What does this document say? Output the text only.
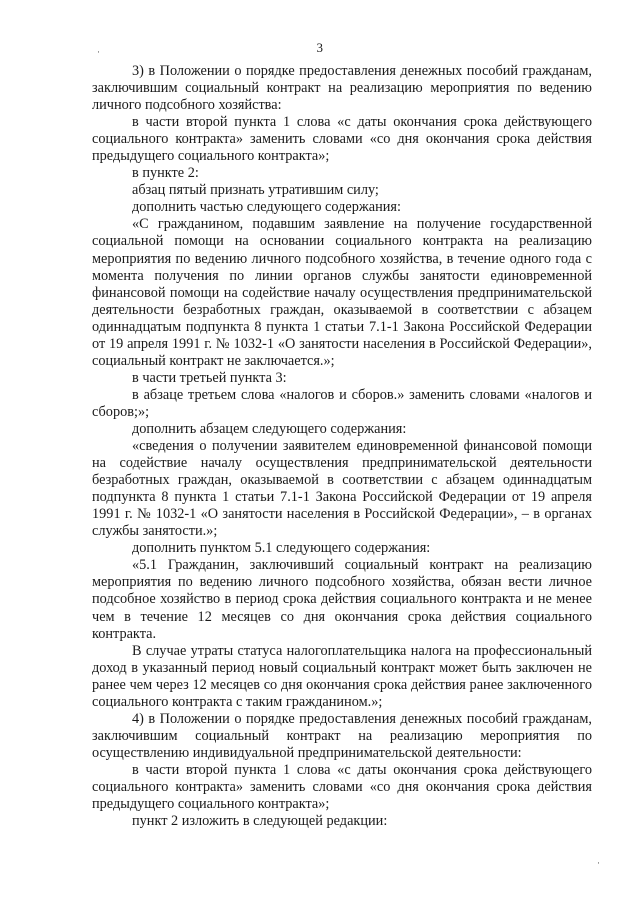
3
·
·

3) в Положении о порядке предоставления денежных пособий гражданам, заключившим социальный контракт на реализацию мероприятия по ведению личного подсобного хозяйства:

в части второй пункта 1 слова «с даты окончания срока действующего социального контракта» заменить словами «со дня окончания срока действия предыдущего социального контракта»;

в пункте 2:

абзац пятый признать утратившим силу;

дополнить частью следующего содержания:

«С гражданином, подавшим заявление на получение государственной социальной помощи на основании социального контракта на реализацию мероприятия по ведению личного подсобного хозяйства, в течение одного года с момента получения по линии органов службы занятости единовременной финансовой помощи на содействие началу осуществления предпринимательской деятельности безработных граждан, оказываемой в соответствии с абзацем одиннадцатым подпункта 8 пункта 1 статьи 7.1-1 Закона Российской Федерации от 19 апреля 1991 г. № 1032-1 «О занятости населения в Российской Федерации», социальный контракт не заключается.»;

в части третьей пункта 3:

в абзаце третьем слова «налогов и сборов.» заменить словами «налогов и сборов;»;

дополнить абзацем следующего содержания:

«сведения о получении заявителем единовременной финансовой помощи на содействие началу осуществления предпринимательской деятельности безработных граждан, оказываемой в соответствии с абзацем одиннадцатым подпункта 8 пункта 1 статьи 7.1-1 Закона Российской Федерации от 19 апреля 1991 г. № 1032-1 «О занятости населения в Российской Федерации», – в органах службы занятости.»;

дополнить пунктом 5.1 следующего содержания:

«5.1 Гражданин, заключивший социальный контракт на реализацию мероприятия по ведению личного подсобного хозяйства, обязан вести личное подсобное хозяйство в период срока действия социального контракта и не менее чем в течение 12 месяцев со дня окончания срока действия социального контракта.

В случае утраты статуса налогоплательщика налога на профессиональный доход в указанный период новый социальный контракт может быть заключен не ранее чем через 12 месяцев со дня окончания срока действия ранее заключенного социального контракта с таким гражданином.»;

4) в Положении о порядке предоставления денежных пособий гражданам, заключившим социальный контракт на реализацию мероприятия по осуществлению индивидуальной предпринимательской деятельности:

в части второй пункта 1 слова «с даты окончания срока действующего социального контракта» заменить словами «со дня окончания срока действия предыдущего социального контракта»;

пункт 2 изложить в следующей редакции:
